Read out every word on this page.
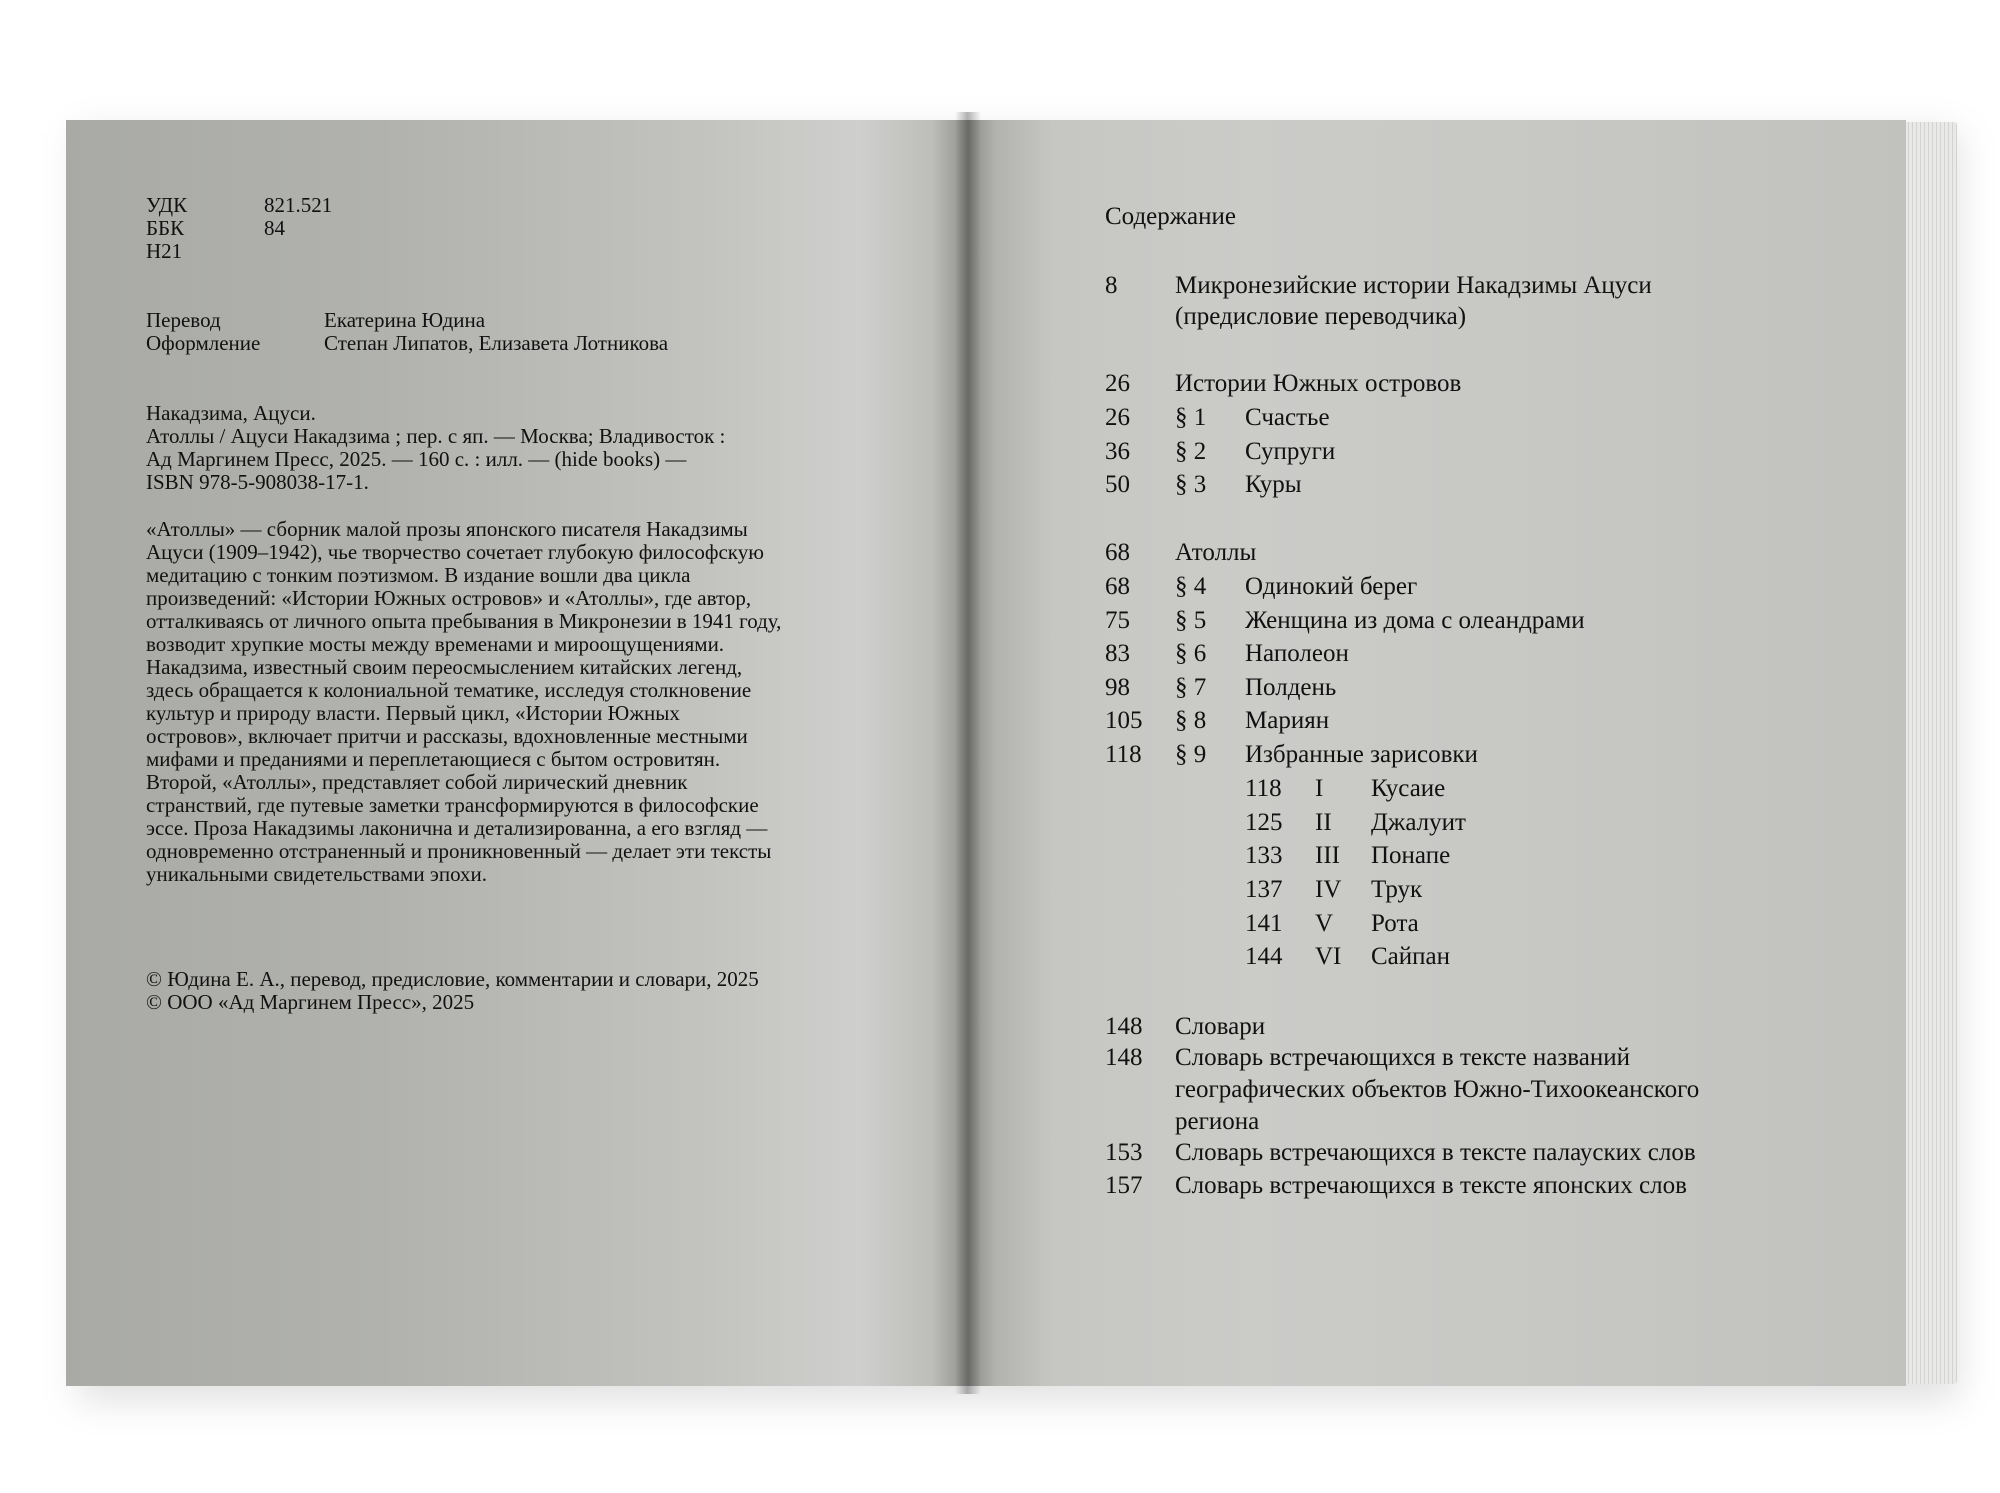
УДК	821.521
ББК	84
Н21
Перевод	Екатерина Юдина
Оформление	Степан Липатов, Елизавета Лотникова
Накадзима, Ацуси.
Атоллы / Ацуси Накадзима ; пер. с яп. — Москва; Владивосток :
Ад Маргинем Пресс, 2025. — 160 с. : илл. — (hide books) —
ISBN 978-5-908038-17-1.
«Атоллы» — сборник малой прозы японского писателя Накадзимы
Ацуси (1909–1942), чье творчество сочетает глубокую философскую
медитацию с тонким поэтизмом. В издание вошли два цикла
произведений: «Истории Южных островов» и «Атоллы», где автор,
отталкиваясь от личного опыта пребывания в Микронезии в 1941 году,
возводит хрупкие мосты между временами и мироощущениями.
Накадзима, известный своим переосмыслением китайских легенд,
здесь обращается к колониальной тематике, исследуя столкновение
культур и природу власти. Первый цикл, «Истории Южных
островов», включает притчи и рассказы, вдохновленные местными
мифами и преданиями и переплетающиеся с бытом островитян.
Второй, «Атоллы», представляет собой лирический дневник
странствий, где путевые заметки трансформируются в философские
эссе. Проза Накадзимы лаконична и детализированна, а его взгляд —
одновременно отстраненный и проникновенный — делает эти тексты
уникальными свидетельствами эпохи.
© Юдина Е. А., перевод, предисловие, комментарии и словари, 2025
© ООО «Ад Маргинем Пресс», 2025
Содержание
8 Микронезийские истории Накадзимы Ацуси
(предисловие переводчика)
26 Истории Южных островов
26 § 1 Счастье
36 § 2 Супруги
50 § 3 Куры
68 Атоллы
68 § 4 Одинокий берег
75 § 5 Женщина из дома с олеандрами
83 § 6 Наполеон
98 § 7 Полдень
105 § 8 Мариян
118 § 9 Избранные зарисовки
118 I Кусаие
125 II Джалуит
133 III Понапе
137 IV Трук
141 V Рота
144 VI Сайпан
148 Словари
148 Словарь встречающихся в тексте названий
географических объектов Южно-Тихоокеанского
региона
153 Словарь встречающихся в тексте палауских слов
157 Словарь встречающихся в тексте японских слов
